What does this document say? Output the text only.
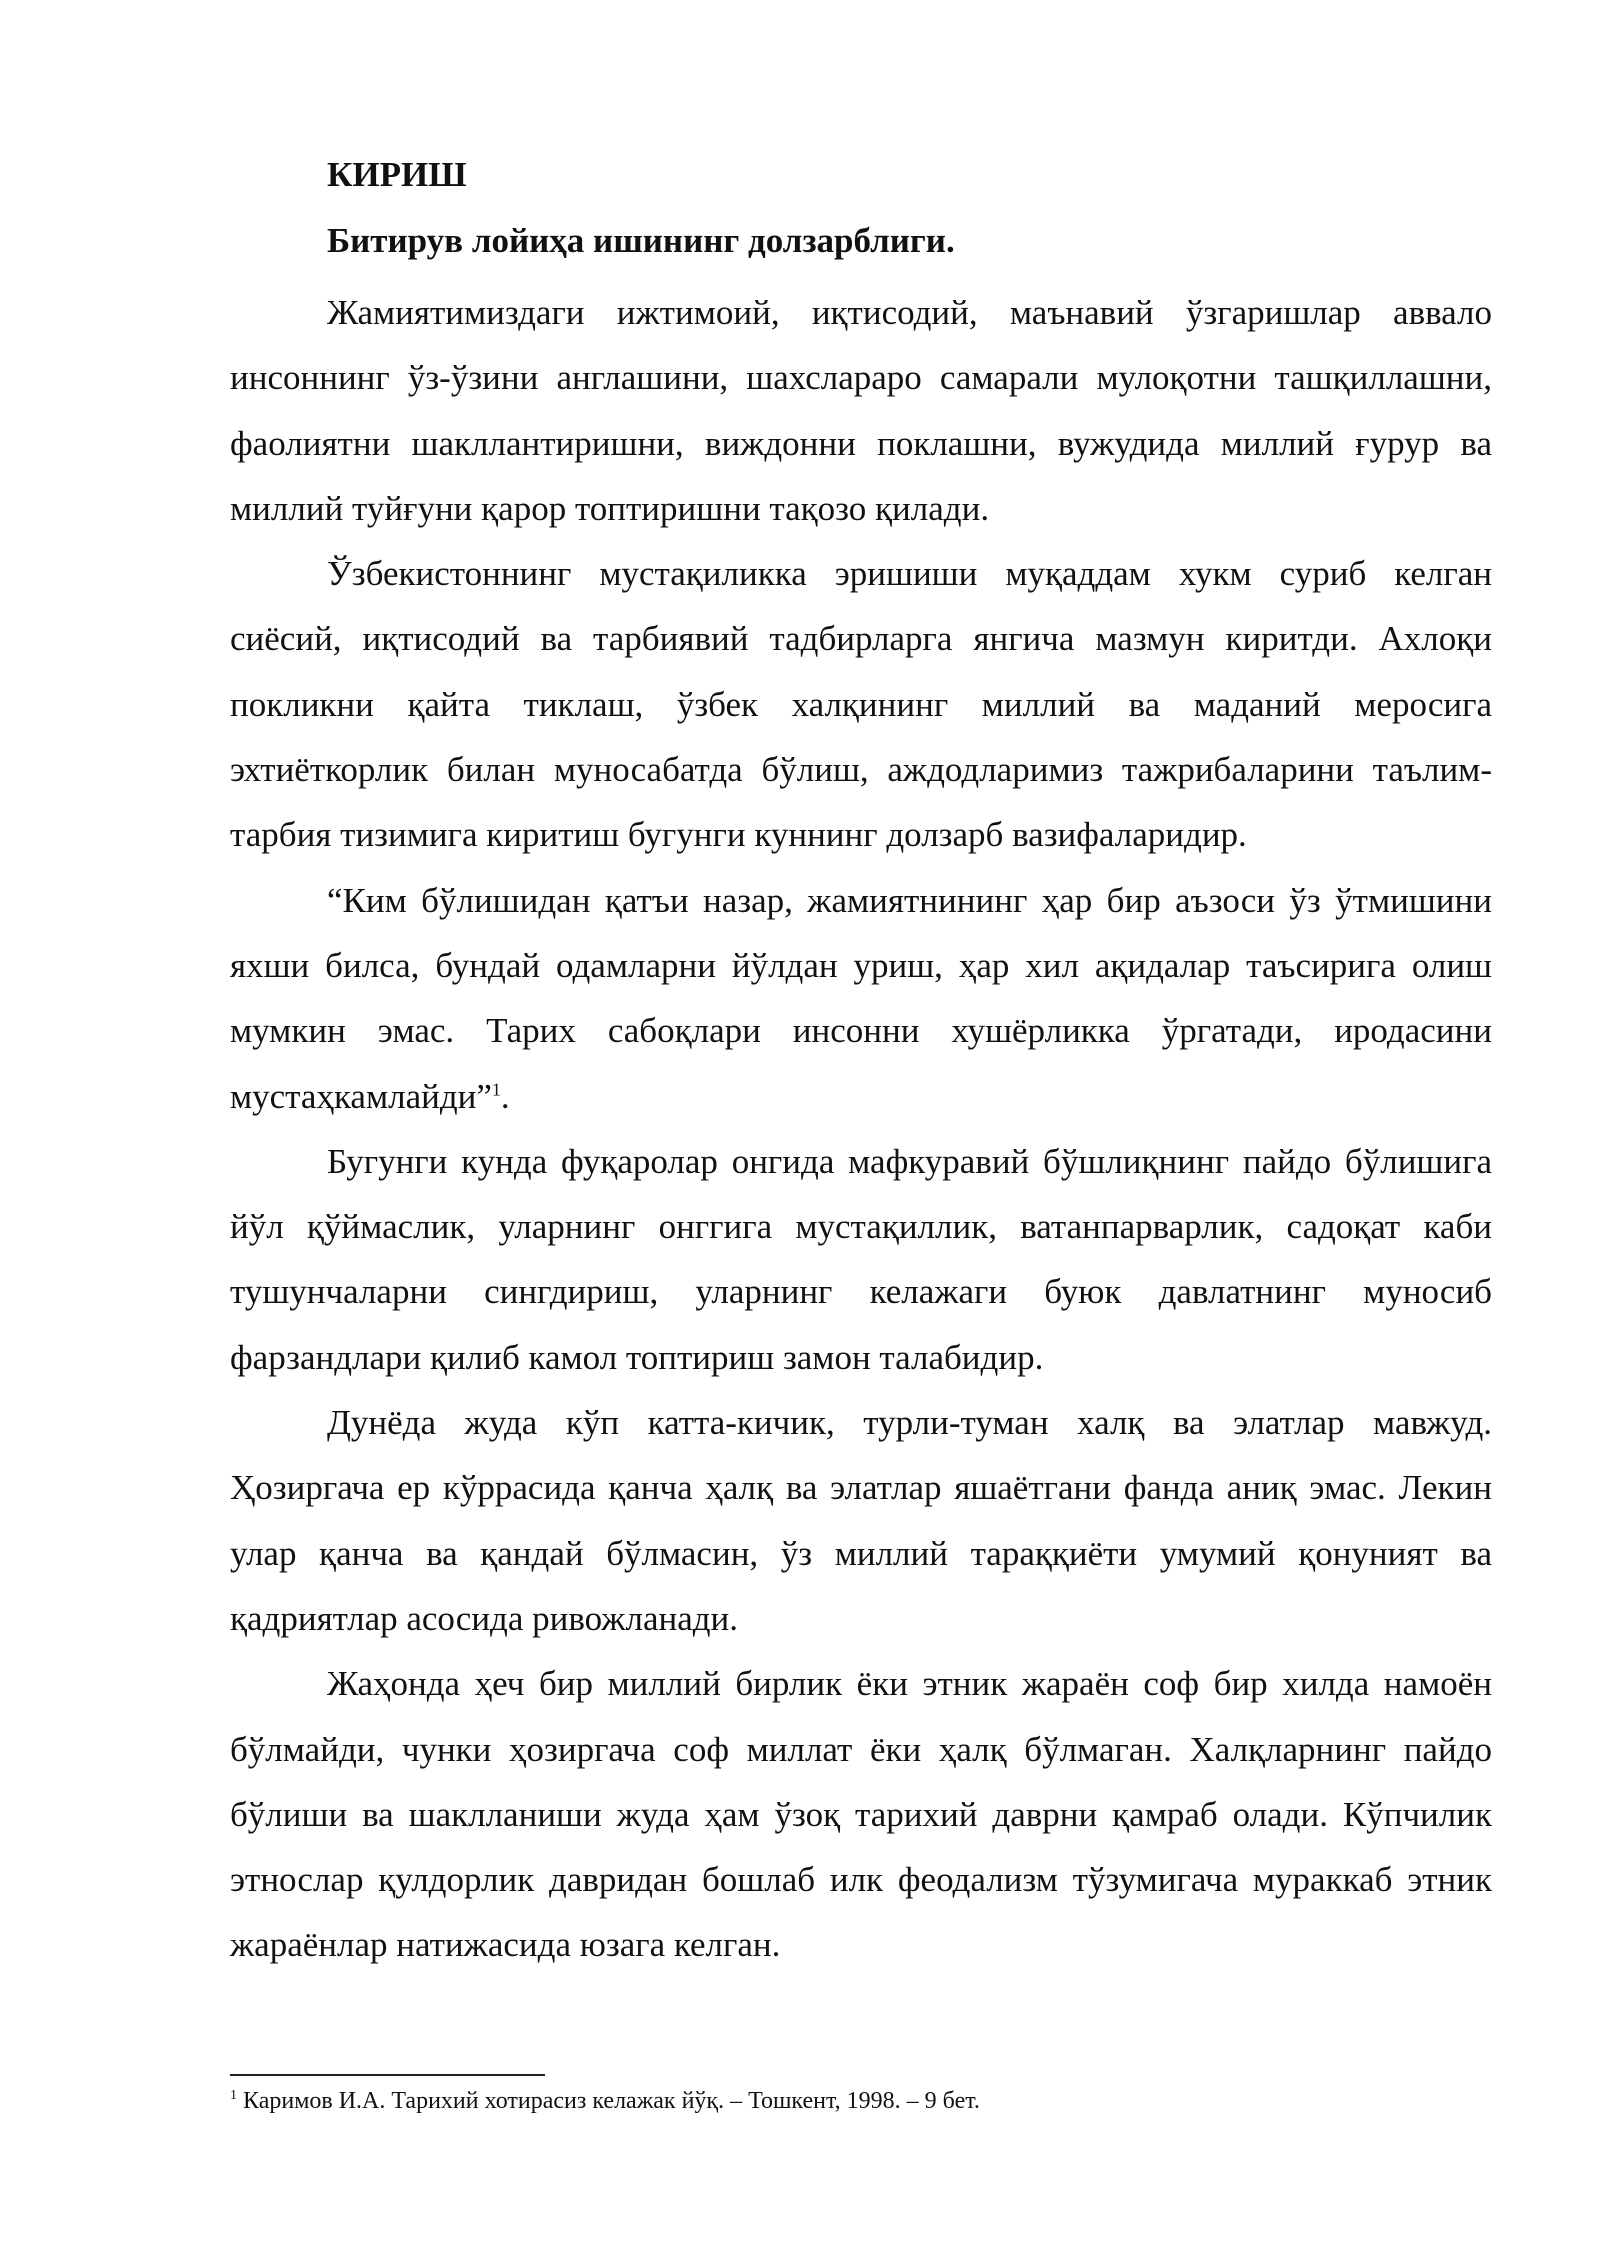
КИРИШ
Битирув лойиҳа ишининг долзарблиги.

Жамиятимиздаги ижтимоий, иқтисодий, маънавий ўзгаришлар аввало инсоннинг ўз-ўзини англашини, шахслараро самарали мулоқотни ташқиллашни, фаолиятни шакллантиришни, виждонни поклашни, вужудида миллий ғурур ва миллий туйғуни қарор топтиришни тақозо қилади.

Ўзбекистоннинг мустақиликка эришиши муқаддам хукм суриб келган сиёсий, иқтисодий ва тарбиявий тадбирларга янгича мазмун киритди. Ахлоқи покликни қайта тиклаш, ўзбек халқининг миллий ва маданий меросига эхтиёткорлик билан муносабатда бўлиш, аждодларимиз тажрибаларини таълим-тарбия тизимига киритиш бугунги куннинг долзарб вазифаларидир.

“Ким бўлишидан қатъи назар, жамиятнининг ҳар бир аъзоси ўз ўтмишини яхши билса, бундай одамларни йўлдан уриш, ҳар хил ақидалар таъсирига олиш мумкин эмас. Тарих сабоқлари инсонни хушёрликка ўргатади, иродасини мустаҳкамлайди”$^1$.

Бугунги кунда фуқаролар онгида мафкуравий бўшлиқнинг пайдо бўлишига йўл қўймаслик, уларнинг онггига мустақиллик, ватанпарварлик, садоқат каби тушунчаларни сингдириш, уларнинг келажаги буюк давлатнинг муносиб фарзандлари қилиб камол топтириш замон талабидир.

Дунёда жуда кўп катта-кичик, турли-туман халқ ва элатлар мавжуд. Ҳозиргача ер кўррасида қанча ҳалқ ва элатлар яшаётгани фанда аниқ эмас. Лекин улар қанча ва қандай бўлмасин, ўз миллий тараққиёти умумий қонуният ва қадриятлар асосида ривожланади.

Жаҳонда ҳеч бир миллий бирлик ёки этник жараён соф бир хилда намоён бўлмайди, чунки ҳозиргача соф миллат ёки ҳалқ бўлмаган. Халқларнинг пайдо бўлиши ва шаклланиши жуда ҳам ўзоқ тарихий даврни қамраб олади. Кўпчилик этнослар қулдорлик давридан бошлаб илк феодализм тўзумигача мураккаб этник жараёнлар натижасида юзага келган.

$^1$ Каримов И.А. Тарихий хотирасиз келажак йўқ. – Тошкент, 1998. – 9 бет.
